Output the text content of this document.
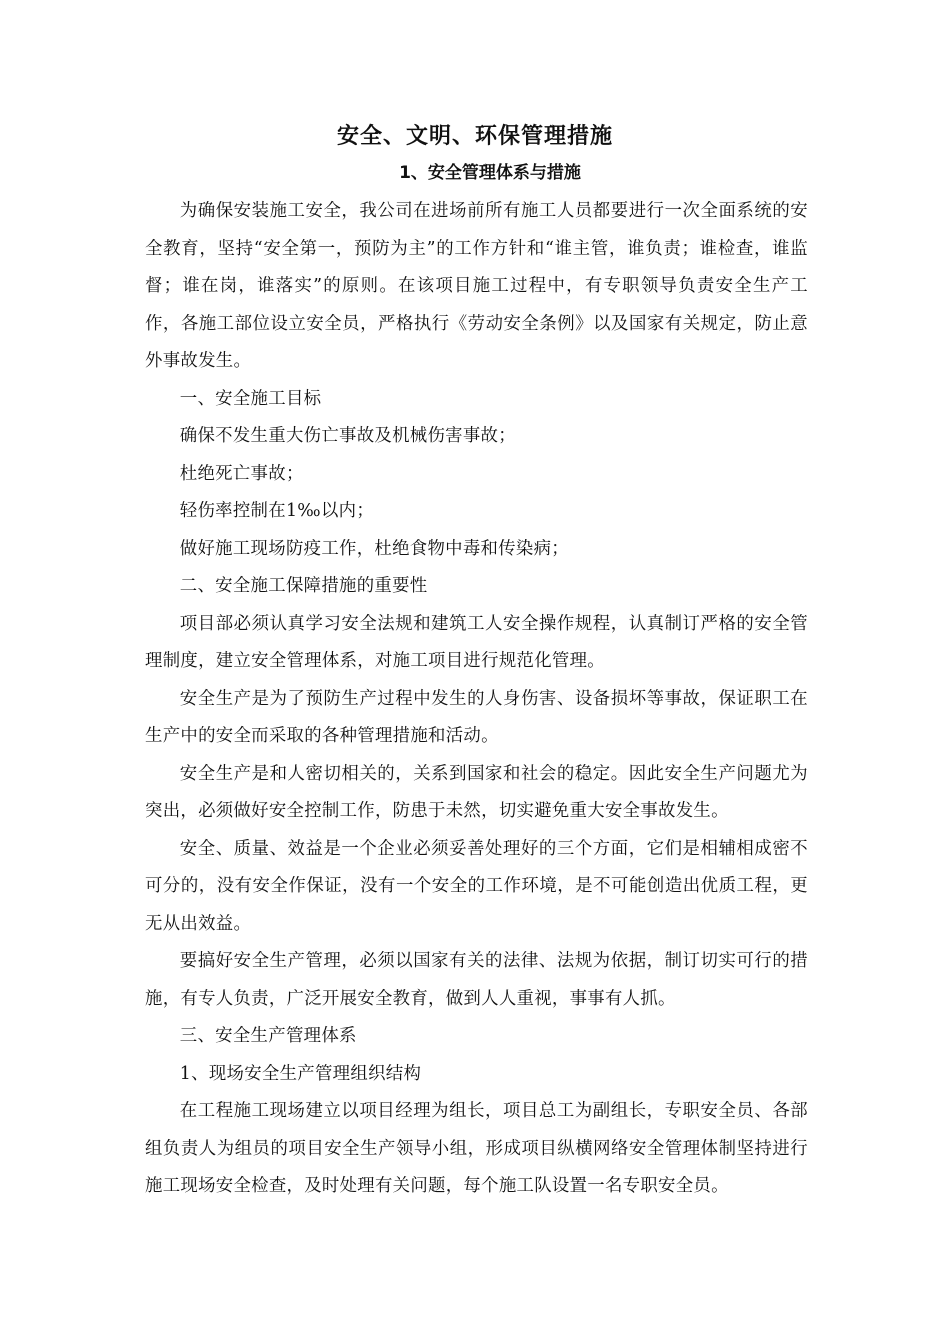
安全、文明、环保管理措施
1、安全管理体系与措施

为确保安装施工安全，我公司在进场前所有施工人员都要进行一次全面系统的安全教育，坚持“安全第一，预防为主”的工作方针和“谁主管，谁负责；谁检查，谁监督；谁在岗，谁落实”的原则。在该项目施工过程中，有专职领导负责安全生产工作，各施工部位设立安全员，严格执行《劳动安全条例》以及国家有关规定，防止意外事故发生。

一、安全施工目标

确保不发生重大伤亡事故及机械伤害事故；

杜绝死亡事故；

轻伤率控制在1‰以内；

做好施工现场防疫工作，杜绝食物中毒和传染病；

二、安全施工保障措施的重要性

项目部必须认真学习安全法规和建筑工人安全操作规程，认真制订严格的安全管理制度，建立安全管理体系，对施工项目进行规范化管理。

安全生产是为了预防生产过程中发生的人身伤害、设备损坏等事故，保证职工在生产中的安全而采取的各种管理措施和活动。

安全生产是和人密切相关的，关系到国家和社会的稳定。因此安全生产问题尤为突出，必须做好安全控制工作，防患于未然，切实避免重大安全事故发生。

安全、质量、效益是一个企业必须妥善处理好的三个方面，它们是相辅相成密不可分的，没有安全作保证，没有一个安全的工作环境，是不可能创造出优质工程，更无从出效益。

要搞好安全生产管理，必须以国家有关的法律、法规为依据，制订切实可行的措施，有专人负责，广泛开展安全教育，做到人人重视，事事有人抓。

三、安全生产管理体系

1、现场安全生产管理组织结构

在工程施工现场建立以项目经理为组长，项目总工为副组长，专职安全员、各部组负责人为组员的项目安全生产领导小组，形成项目纵横网络安全管理体制坚持进行施工现场安全检查，及时处理有关问题，每个施工队设置一名专职安全员。
